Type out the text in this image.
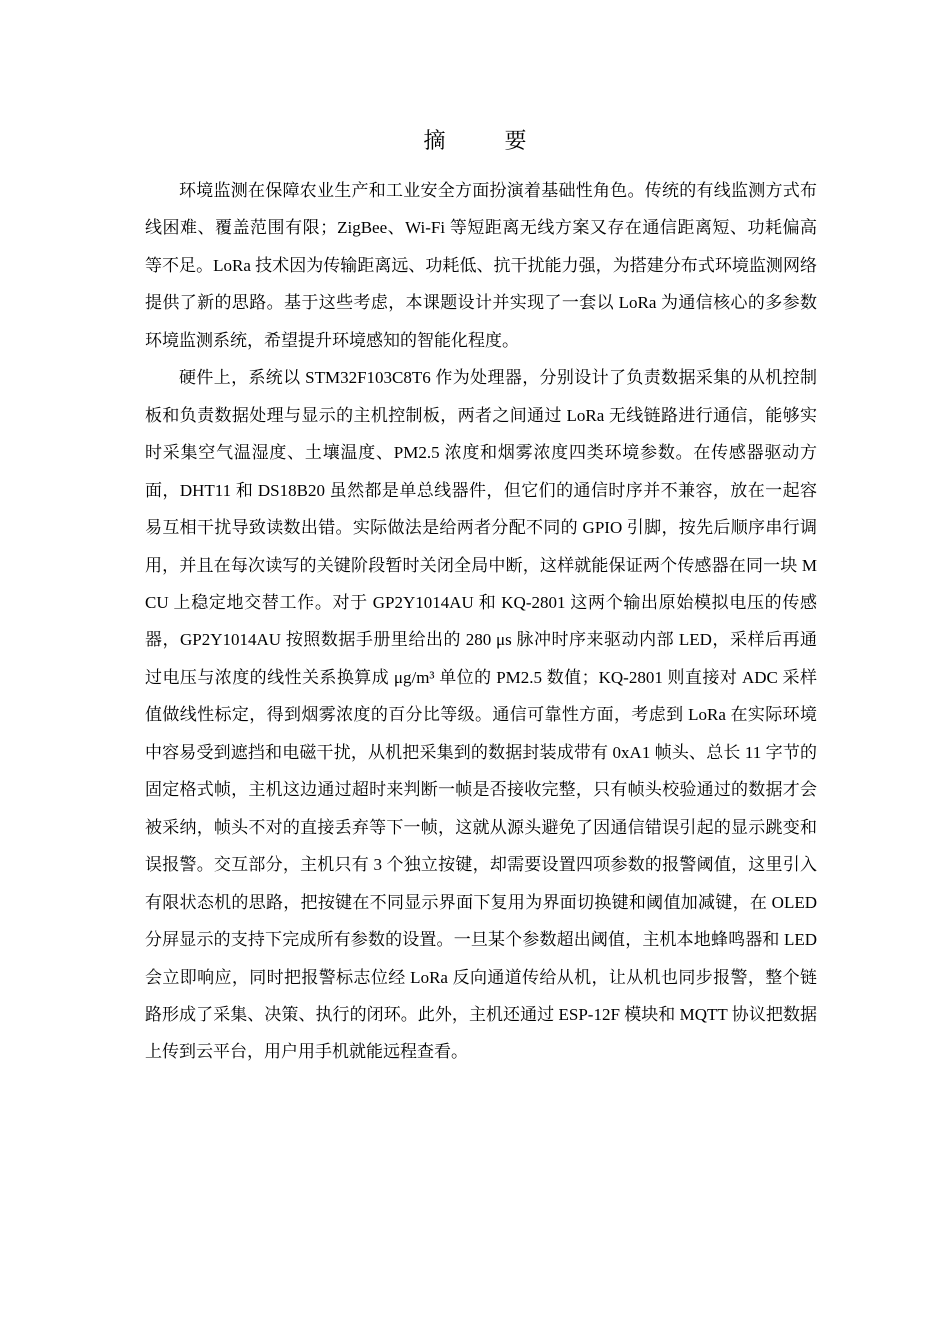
摘 要

环境监测在保障农业生产和工业安全方面扮演着基础性角色。传统的有线监测方式布线困难、覆盖范围有限；ZigBee、Wi-Fi 等短距离无线方案又存在通信距离短、功耗偏高等不足。LoRa 技术因为传输距离远、功耗低、抗干扰能力强，为搭建分布式环境监测网络提供了新的思路。基于这些考虑，本课题设计并实现了一套以 LoRa 为通信核心的多参数环境监测系统，希望提升环境感知的智能化程度。

硬件上，系统以 STM32F103C8T6 作为处理器，分别设计了负责数据采集的从机控制板和负责数据处理与显示的主机控制板，两者之间通过 LoRa 无线链路进行通信，能够实时采集空气温湿度、土壤温度、PM2.5 浓度和烟雾浓度四类环境参数。在传感器驱动方面，DHT11 和 DS18B20 虽然都是单总线器件，但它们的通信时序并不兼容，放在一起容易互相干扰导致读数出错。实际做法是给两者分配不同的 GPIO 引脚，按先后顺序串行调用，并且在每次读写的关键阶段暂时关闭全局中断，这样就能保证两个传感器在同一块 MCU 上稳定地交替工作。对于 GP2Y1014AU 和 KQ-2801 这两个输出原始模拟电压的传感器，GP2Y1014AU 按照数据手册里给出的 280 μs 脉冲时序来驱动内部 LED，采样后再通过电压与浓度的线性关系换算成 μg/m³ 单位的 PM2.5 数值；KQ-2801 则直接对 ADC 采样值做线性标定，得到烟雾浓度的百分比等级。通信可靠性方面，考虑到 LoRa 在实际环境中容易受到遮挡和电磁干扰，从机把采集到的数据封装成带有 0xA1 帧头、总长 11 字节的固定格式帧，主机这边通过超时来判断一帧是否接收完整，只有帧头校验通过的数据才会被采纳，帧头不对的直接丢弃等下一帧，这就从源头避免了因通信错误引起的显示跳变和误报警。交互部分，主机只有 3 个独立按键，却需要设置四项参数的报警阈值，这里引入有限状态机的思路，把按键在不同显示界面下复用为界面切换键和阈值加减键，在 OLED 分屏显示的支持下完成所有参数的设置。一旦某个参数超出阈值，主机本地蜂鸣器和 LED 会立即响应，同时把报警标志位经 LoRa 反向通道传给从机，让从机也同步报警，整个链路形成了采集、决策、执行的闭环。此外，主机还通过 ESP-12F 模块和 MQTT 协议把数据上传到云平台，用户用手机就能远程查看。
